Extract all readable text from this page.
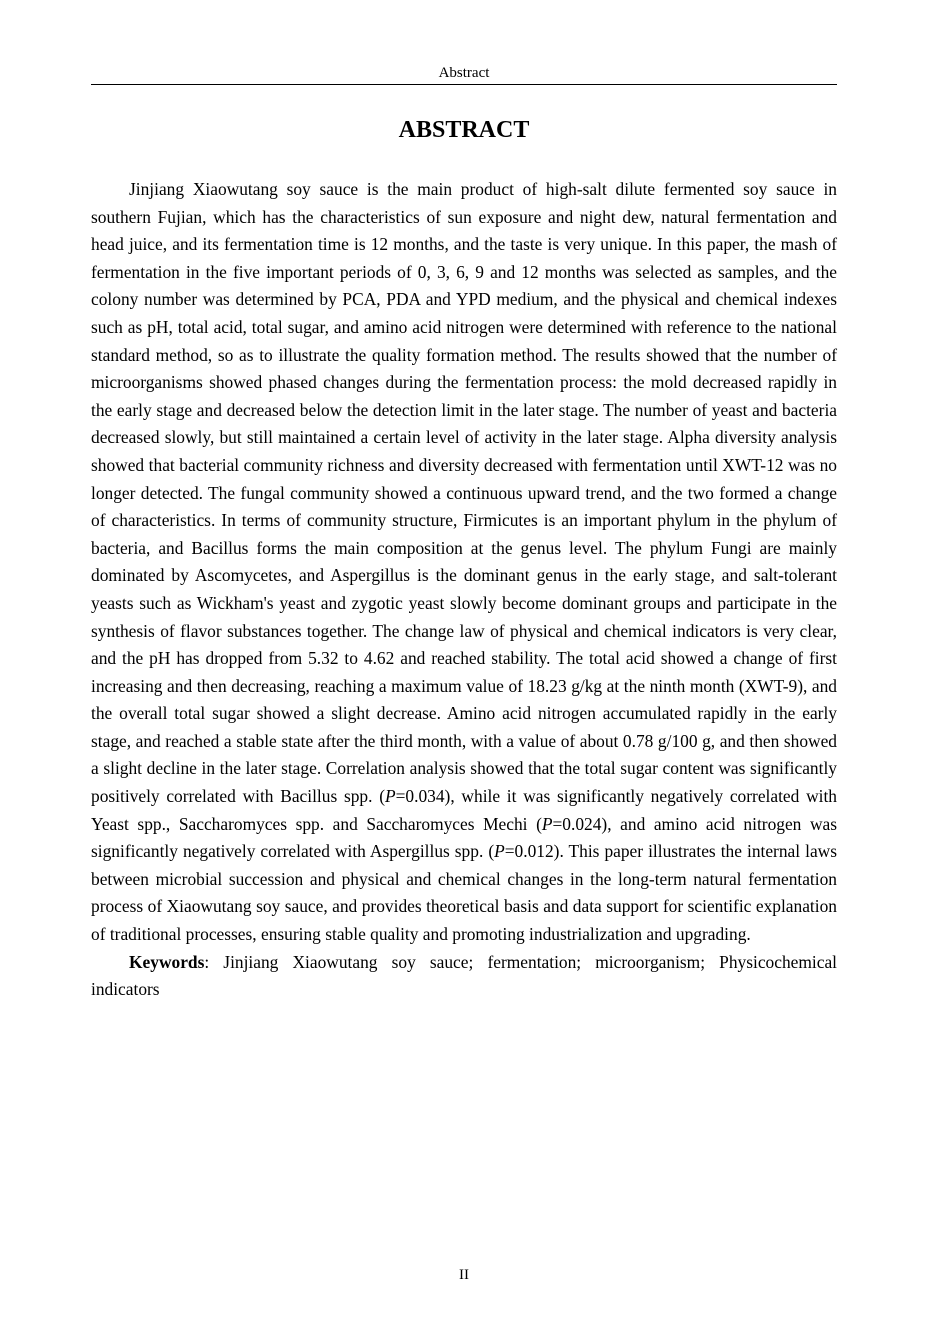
Abstract
ABSTRACT

Jinjiang Xiaowutang soy sauce is the main product of high-salt dilute fermented soy sauce in southern Fujian, which has the characteristics of sun exposure and night dew, natural fermentation and head juice, and its fermentation time is 12 months, and the taste is very unique. In this paper, the mash of fermentation in the five important periods of 0, 3, 6, 9 and 12 months was selected as samples, and the colony number was determined by PCA, PDA and YPD medium, and the physical and chemical indexes such as pH, total acid, total sugar, and amino acid nitrogen were determined with reference to the national standard method, so as to illustrate the quality formation method. The results showed that the number of microorganisms showed phased changes during the fermentation process: the mold decreased rapidly in the early stage and decreased below the detection limit in the later stage. The number of yeast and bacteria decreased slowly, but still maintained a certain level of activity in the later stage. Alpha diversity analysis showed that bacterial community richness and diversity decreased with fermentation until XWT-12 was no longer detected. The fungal community showed a continuous upward trend, and the two formed a change of characteristics. In terms of community structure, Firmicutes is an important phylum in the phylum of bacteria, and Bacillus forms the main composition at the genus level. The phylum Fungi are mainly dominated by Ascomycetes, and Aspergillus is the dominant genus in the early stage, and salt-tolerant yeasts such as Wickham's yeast and zygotic yeast slowly become dominant groups and participate in the synthesis of flavor substances together. The change law of physical and chemical indicators is very clear, and the pH has dropped from 5.32 to 4.62 and reached stability. The total acid showed a change of first increasing and then decreasing, reaching a maximum value of 18.23 g/kg at the ninth month (XWT-9), and the overall total sugar showed a slight decrease. Amino acid nitrogen accumulated rapidly in the early stage, and reached a stable state after the third month, with a value of about 0.78 g/100 g, and then showed a slight decline in the later stage. Correlation analysis showed that the total sugar content was significantly positively correlated with Bacillus spp. (P=0.034), while it was significantly negatively correlated with Yeast spp., Saccharomyces spp. and Saccharomyces Mechi (P=0.024), and amino acid nitrogen was significantly negatively correlated with Aspergillus spp. (P=0.012). This paper illustrates the internal laws between microbial succession and physical and chemical changes in the long-term natural fermentation process of Xiaowutang soy sauce, and provides theoretical basis and data support for scientific explanation of traditional processes, ensuring stable quality and promoting industrialization and upgrading.

Keywords: Jinjiang Xiaowutang soy sauce; fermentation; microorganism; Physicochemical indicators

II
